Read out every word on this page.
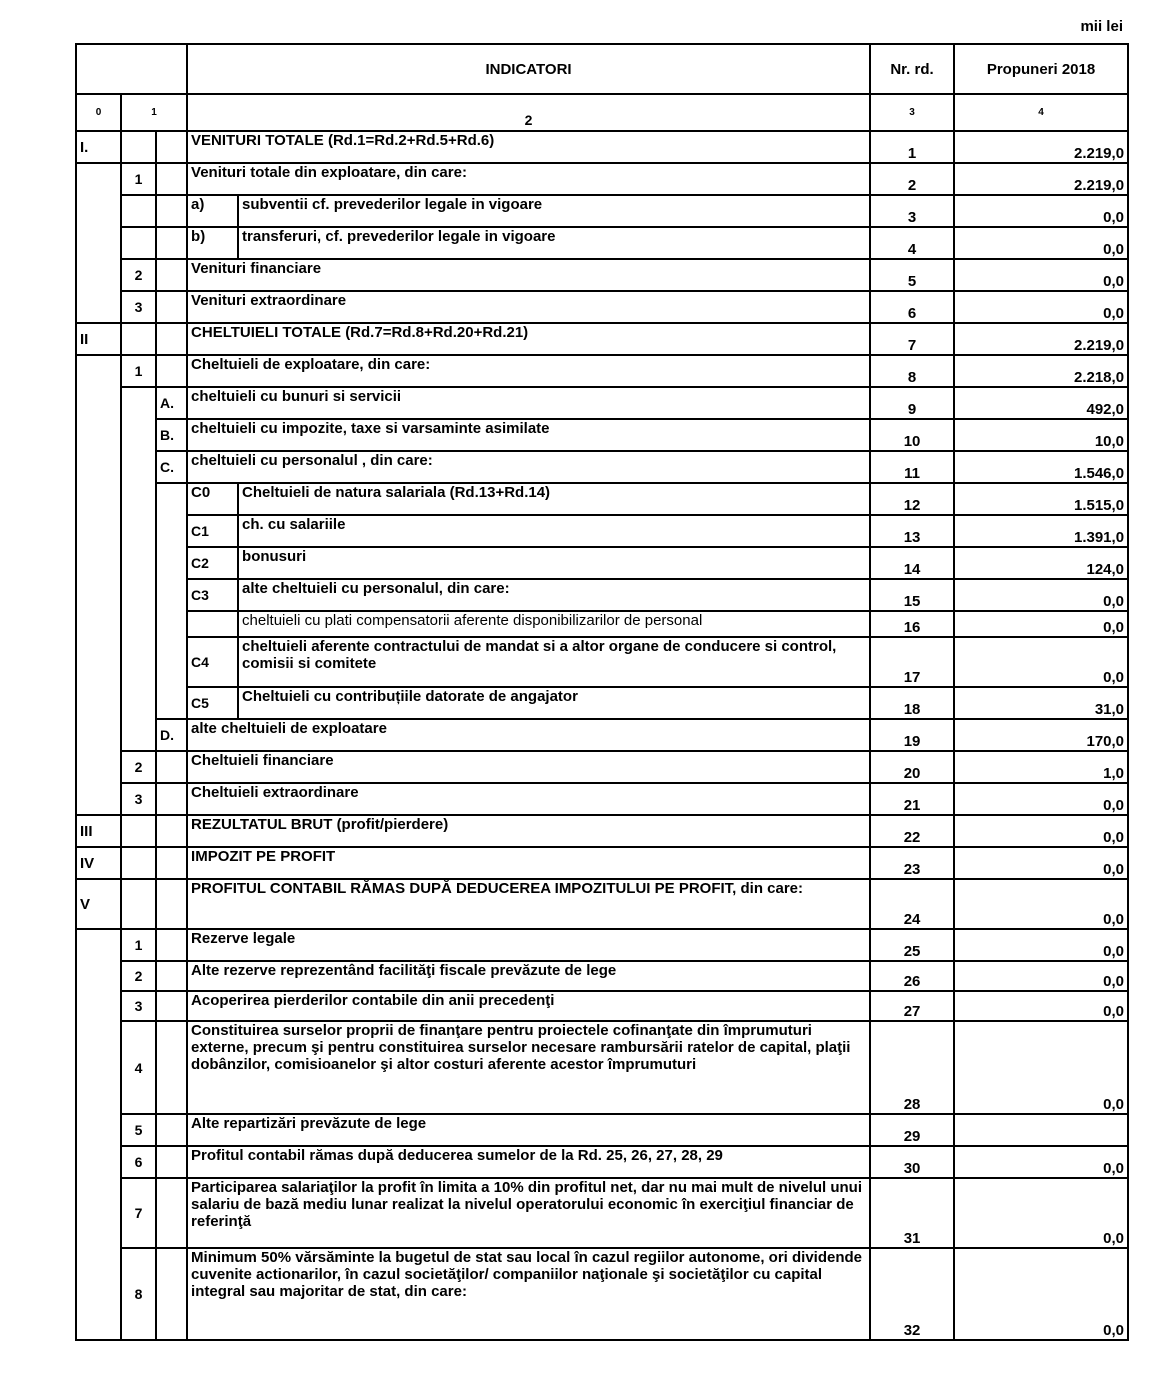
mii lei
			INDICATORI		Nr. rd.	Propuneri 2018
0	1		2		3	4
I.			VENITURI TOTALE (Rd.1=Rd.2+Rd.5+Rd.6)		1	2.219,0
	1		Venituri totale din exploatare, din care:		2	2.219,0
			a)	subventii cf. prevederilor legale in vigoare	3	0,0
			b)	transferuri, cf. prevederilor legale in vigoare	4	0,0
	2		Venituri financiare		5	0,0
	3		Venituri extraordinare		6	0,0
II			CHELTUIELI TOTALE (Rd.7=Rd.8+Rd.20+Rd.21)		7	2.219,0
	1		Cheltuieli de exploatare, din care:		8	2.218,0
		A.	cheltuieli cu bunuri si servicii		9	492,0
		B.	cheltuieli cu impozite, taxe si varsaminte asimilate		10	10,0
		C.	cheltuieli cu personalul , din care:		11	1.546,0
			C0	Cheltuieli de natura salariala (Rd.13+Rd.14)	12	1.515,0
			C1	ch. cu salariile	13	1.391,0
			C2	bonusuri	14	124,0
			C3	alte cheltuieli cu personalul, din care:	15	0,0
				cheltuieli cu plati compensatorii aferente disponibilizarilor de personal	16	0,0
			C4	cheltuieli aferente contractului de mandat si a altor organe de conducere si control, comisii si comitete	17	0,0
			C5	Cheltuieli cu contribuțiile datorate de angajator	18	31,0
		D.	alte cheltuieli de exploatare		19	170,0
	2		Cheltuieli financiare		20	1,0
	3		Cheltuieli extraordinare		21	0,0
III			REZULTATUL BRUT (profit/pierdere)		22	0,0
IV			IMPOZIT PE PROFIT		23	0,0
V			PROFITUL CONTABIL RĂMAS DUPĂ DEDUCEREA IMPOZITULUI PE PROFIT, din care:		24	0,0
	1		Rezerve legale		25	0,0
	2		Alte rezerve reprezentând facilităţi fiscale prevăzute de lege		26	0,0
	3		Acoperirea pierderilor contabile din anii precedenţi		27	0,0
	4		Constituirea surselor proprii de finanţare pentru proiectele cofinanţate din împrumuturi externe, precum şi pentru constituirea surselor necesare rambursării ratelor de capital, plaţii dobânzilor, comisioanelor şi altor costuri aferente acestor împrumuturi		28	0,0
	5		Alte repartizări prevăzute de lege		29	
	6		Profitul contabil rămas după deducerea sumelor de la Rd. 25, 26, 27, 28, 29		30	0,0
	7		Participarea salariaţilor la profit în limita a 10% din profitul net, dar nu mai mult de nivelul unui salariu de bază mediu lunar realizat la nivelul operatorului economic în exerciţiul financiar de referinţă		31	0,0
	8		Minimum 50% vărsăminte la bugetul de stat sau local în cazul regiilor autonome, ori dividende cuvenite actionarilor, în cazul societăţilor/ companiilor naţionale şi societăţilor cu capital integral sau majoritar de stat, din care:		32	0,0
